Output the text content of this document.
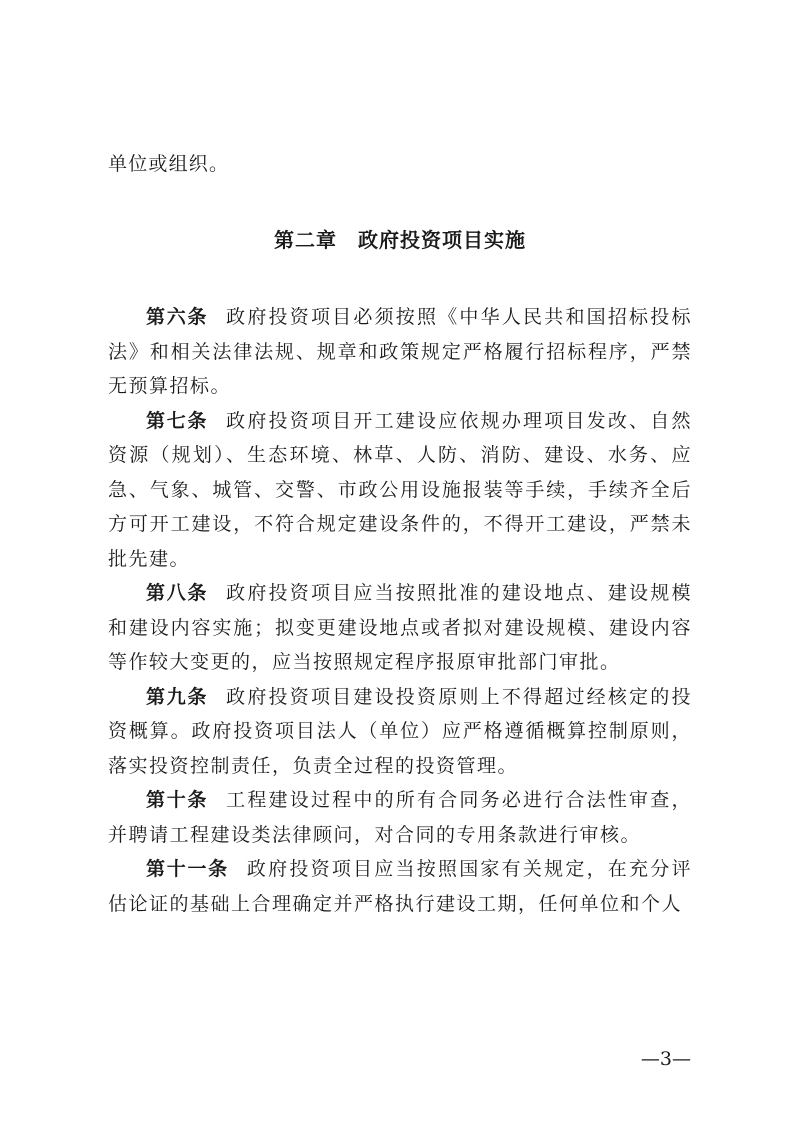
单位或组织。

第二章　政府投资项目实施

第六条 政府投资项目必须按照《中华人民共和国招标投标法》和相关法律法规、规章和政策规定严格履行招标程序，严禁无预算招标。

第七条 政府投资项目开工建设应依规办理项目发改、自然资源（规划）、生态环境、林草、人防、消防、建设、水务、应急、气象、城管、交警、市政公用设施报装等手续，手续齐全后方可开工建设，不符合规定建设条件的，不得开工建设，严禁未批先建。

第八条 政府投资项目应当按照批准的建设地点、建设规模和建设内容实施；拟变更建设地点或者拟对建设规模、建设内容等作较大变更的，应当按照规定程序报原审批部门审批。

第九条 政府投资项目建设投资原则上不得超过经核定的投资概算。政府投资项目法人（单位）应严格遵循概算控制原则，落实投资控制责任，负责全过程的投资管理。

第十条 工程建设过程中的所有合同务必进行合法性审查，并聘请工程建设类法律顾问，对合同的专用条款进行审核。

第十一条 政府投资项目应当按照国家有关规定，在充分评估论证的基础上合理确定并严格执行建设工期，任何单位和个人

—3—
